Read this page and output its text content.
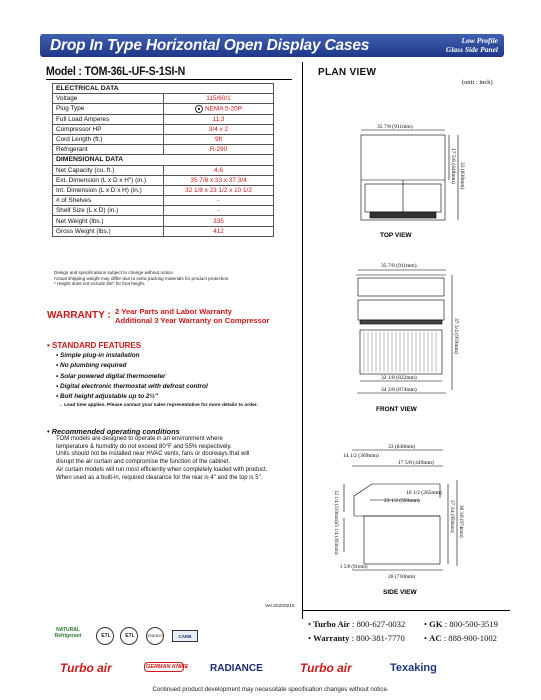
Drop In Type Horizontal Open Display Cases	Low Profile
Glass Side Panel
Model : TOM-36L-UF-S-1SI-N
ELECTRICAL DATA	
Voltage	115/60/1
Plug Type	NEMA 5-20P
Full Load Amperes	11.3
Compressor HP	3/4 x 2
Cord Length (ft.)	9ft
Refrigerant	R-290
DIMENSIONAL DATA	
Net Capacity (cu. ft.)	4.6
Ext. Dimension (L x D x H") (in.)	35 7/8 x 33 x 37 3/4
Int. Dimension (L x D x H) (in.)	32 1/8 x 23 1/2 x 10 1/2
# of Shelves	-
Shelf Size (L x D) (in.)	-
Net Weight (lbs.)	335
Gross Weight (lbs.)	412
Design and specifications subject to change without notice.
Actual shipping weight may differ due to extra packing materials for product protection.
* Height does not include 5/8" for foot height.
WARRANTY : 2 Year Parts and Labor Warranty
Additional 3 Year Warranty on Compressor
• STANDARD FEATURES
• Simple plug-in installation
• No plumbing required
• Solar powered digital thermometer
• Digital electronic thermostat with defrost control
• Bolt height adjustable up to 2½"
→ Lead time applies. Please contact your sales representative for more details to order.
• Recommended operating conditions
TOM models are designed to operate in an environment where
temperature & humidity do not exceed 80°F and 55% respectively.
Units should not be installed near HVAC vents, fans or doorways that will
disrupt the air curtain and compromise the function of the cabinet.
Air curtain models will run most efficiently when completely loaded with product.
When used as a built-in, required clearance for the rear is 4" and the top is 5".
Ver.20220215
PLAN VIEW
(unit : inch)
35 7/8 (911mm)
17 5/8 (448mm) 33 (838mm)
TOP VIEW
35 7/8 (911mm)
32 1/8 (822mm)
34 3/8 (874mm)
37 3/4 (959mm)
FRONT VIEW
33 (838mm)
14 1/2 (369mm)
17 5/8 (449mm)
10 1/2 (265mm)
23 1/2 (593mm)
12 1/4 (310mm)
15 1/4 (393mm)
3 5/8 (91mm)
28 (710mm)
37 3/4 (959mm) 38 3/8 (974mm)
SIDE VIEW
• Turbo Air : 800-627-0032 • GK : 800-500-3519
• Warranty : 800-381-7770 • AC : 888-900-1002
NATURAL Refrigerant	ETL	ETL	ENERGY	CARB
Turbo air	GERMAN KNIFE RADIANCE	Turbo air	Texaking
Continued product development may necessitate specification changes without notice.
